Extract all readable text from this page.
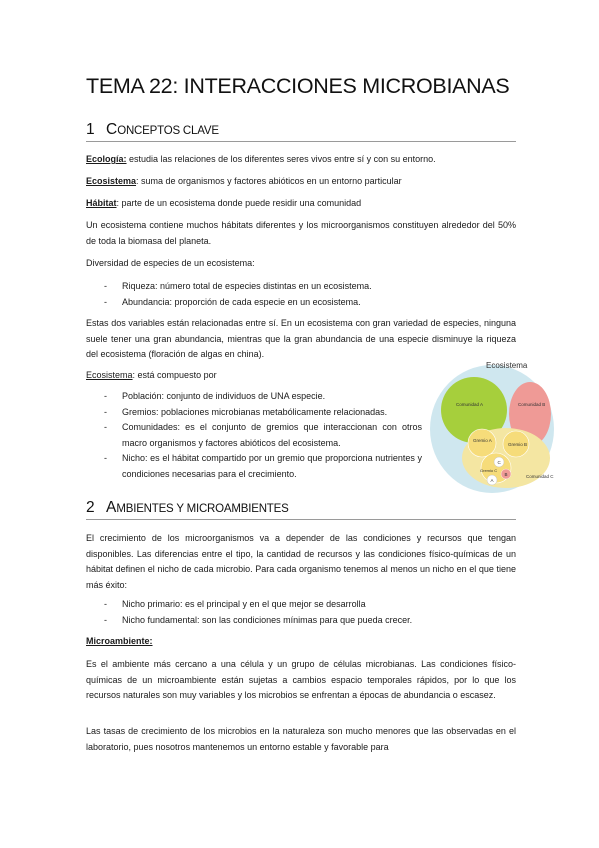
TEMA 22: INTERACCIONES MICROBIANAS
1 CONCEPTOS CLAVE

Ecología: estudia las relaciones de los diferentes seres vivos entre sí y con su entorno.

Ecosistema: suma de organismos y factores abióticos en un entorno particular

Hábitat: parte de un ecosistema donde puede residir una comunidad

Un ecosistema contiene muchos hábitats diferentes y los microorganismos constituyen alrededor del 50% de toda la biomasa del planeta.

Diversidad de especies de un ecosistema:

- Riqueza: número total de especies distintas en un ecosistema.
- Abundancia: proporción de cada especie en un ecosistema.

Estas dos variables están relacionadas entre sí. En un ecosistema con gran variedad de especies, ninguna suele tener una gran abundancia, mientras que la gran abundancia de una especie disminuye la riqueza del ecosistema (floración de algas en china).

Ecosistema: está compuesto por

- Población: conjunto de individuos de UNA especie.
- Gremios: poblaciones microbianas metabólicamente relacionadas.
- Comunidades: es el conjunto de gremios que interaccionan con otros macro organismos y factores abióticos del ecosistema.
- Nicho: es el hábitat compartido por un gremio que proporciona nutrientes y condiciones necesarias para el crecimiento.
Ecosistema
Comunidad A	Comunidad B
Comunidad C
Gremio A
Gremio B
Gremio C
C
B
A
2 AMBIENTES Y MICROAMBIENTES

El crecimiento de los microorganismos va a depender de las condiciones y recursos que tengan disponibles. Las diferencias entre el tipo, la cantidad de recursos y las condiciones físico-químicas de un hábitat definen el nicho de cada microbio. Para cada organismo tenemos al menos un nicho en el que tiene más éxito:

- Nicho primario: es el principal y en el que mejor se desarrolla
- Nicho fundamental: son las condiciones mínimas para que pueda crecer.

Microambiente:

Es el ambiente más cercano a una célula y un grupo de células microbianas. Las condiciones físico-químicas de un microambiente están sujetas a cambios espacio temporales rápidos, por lo que los recursos naturales son muy variables y los microbios se enfrentan a épocas de abundancia o escasez.

Las tasas de crecimiento de los microbios en la naturaleza son mucho menores que las observadas en el laboratorio, pues nosotros mantenemos un entorno estable y favorable para
